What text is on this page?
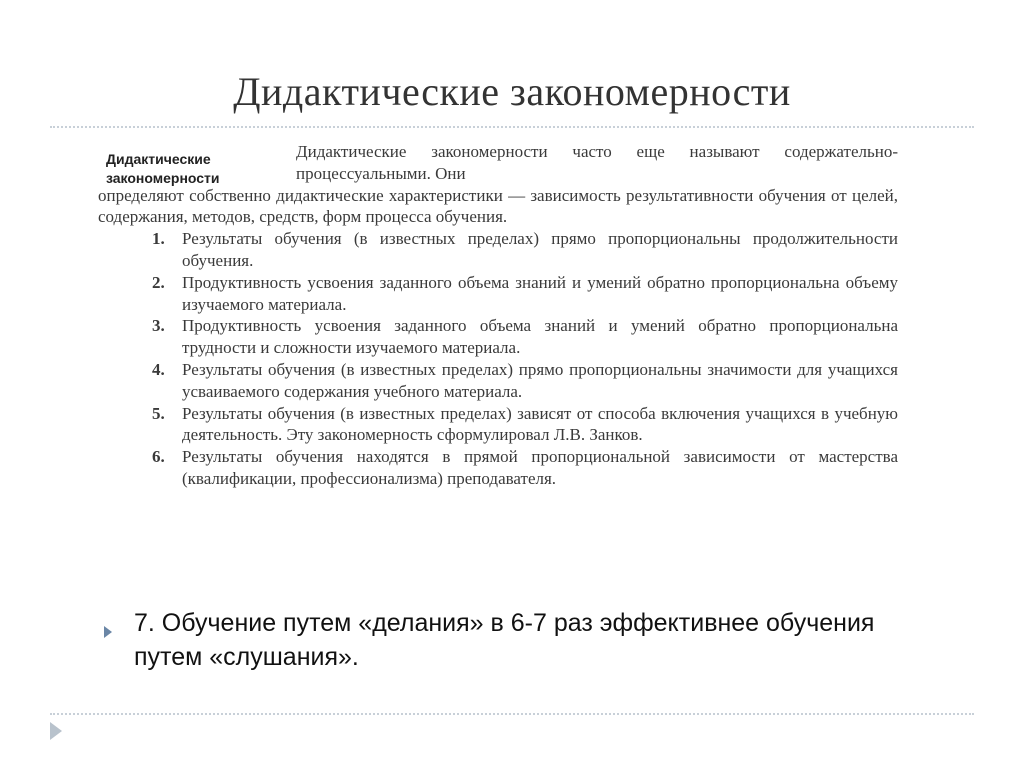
Дидактические закономерности
Дидактические
закономерности

Дидактические закономерности часто еще называют содержательно-процессуальными. Они
определяют собственно дидактические характеристики — зависимость результативности обучения от целей, содержания, методов, средств, форм процесса обучения.

1. Результаты обучения (в известных пределах) прямо пропорциональны продолжительности обучения.
2. Продуктивность усвоения заданного объема знаний и умений обратно пропорциональна объему изучаемого материала.
3. Продуктивность усвоения заданного объема знаний и умений обратно пропорциональна трудности и сложности изучаемого материала.
4. Результаты обучения (в известных пределах) прямо пропорциональны значимости для учащихся усваиваемого содержания учебного материала.
5. Результаты обучения (в известных пределах) зависят от способа включения учащихся в учебную деятельность. Эту закономерность сформулировал Л.В. Занков.
6. Результаты обучения находятся в прямой пропорциональной зависимости от мастерства (квалификации, профессионализма) преподавателя.
7. Обучение путем «делания» в 6-7 раз эффективнее обучения путем «слушания».
